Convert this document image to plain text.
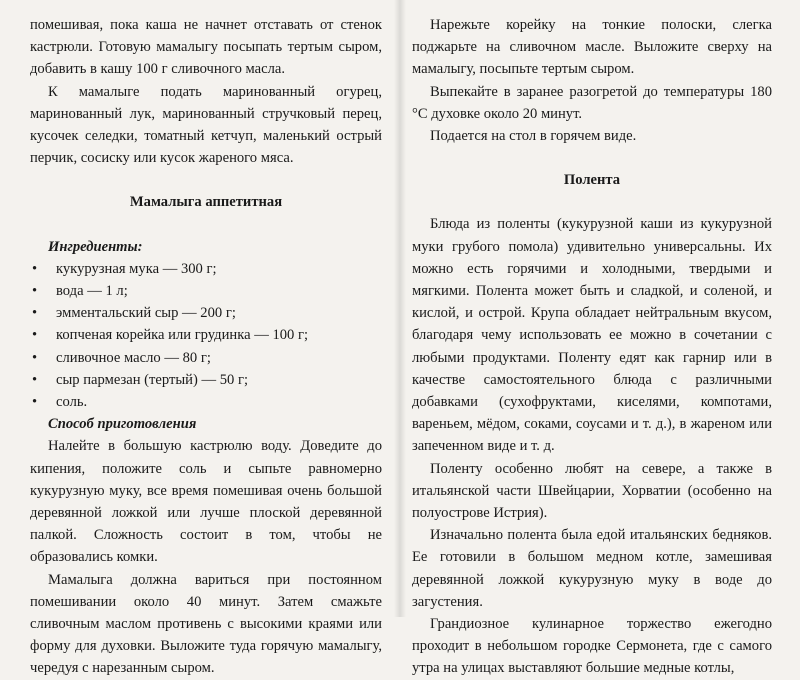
помешивая, пока каша не начнет отставать от стенок кастрюли. Готовую мамалыгу посыпать тертым сыром, добавить в кашу 100 г сливочного масла.

К мамалыге подать маринованный огурец, маринованный лук, маринованный стручковый перец, кусочек селедки, томатный кетчуп, маленький острый перчик, сосиску или кусок жареного мяса.

Мамалыга аппетитная
Ингредиенты:
• кукурузная мука — 300 г;
• вода — 1 л;
• эмментальский сыр — 200 г;
• копченая корейка или грудинка — 100 г;
• сливочное масло — 80 г;
• сыр пармезан (тертый) — 50 г;
• соль.
Способ приготовления

Налейте в большую кастрюлю воду. Доведите до кипения, положите соль и сыпьте равномерно кукурузную муку, все время помешивая очень большой деревянной ложкой или лучше плоской деревянной палкой. Сложность состоит в том, чтобы не образовались комки.

Мамалыга должна вариться при постоянном помешивании около 40 минут. Затем смажьте сливочным маслом противень с высокими краями или форму для духовки. Выложите туда горячую мамалыгу, чередуя с нарезанным сыром.

Нарежьте корейку на тонкие полоски, слегка поджарьте на сливочном масле. Выложите сверху на мамалыгу, посыпьте тертым сыром.

Выпекайте в заранее разогретой до температуры 180 °С духовке около 20 минут.

Подается на стол в горячем виде.

Полента

Блюда из поленты (кукурузной каши из кукурузной муки грубого помола) удивительно универсальны. Их можно есть горячими и холодными, твердыми и мягкими. Полента может быть и сладкой, и соленой, и кислой, и острой. Крупа обладает нейтральным вкусом, благодаря чему использовать ее можно в сочетании с любыми продуктами. Поленту едят как гарнир или в качестве самостоятельного блюда с различными добавками (сухофруктами, киселями, компотами, вареньем, мёдом, соками, соусами и т. д.), в жареном или запеченном виде и т. д.

Поленту особенно любят на севере, а также в итальянской части Швейцарии, Хорватии (особенно на полуострове Истрия).

Изначально полента была едой итальянских бедняков. Ее готовили в большом медном котле, замешивая деревянной ложкой кукурузную муку в воде до загустения.

Грандиозное кулинарное торжество ежегодно проходит в небольшом городке Сермонета, где с самого утра на улицах выставляют большие медные котлы,
